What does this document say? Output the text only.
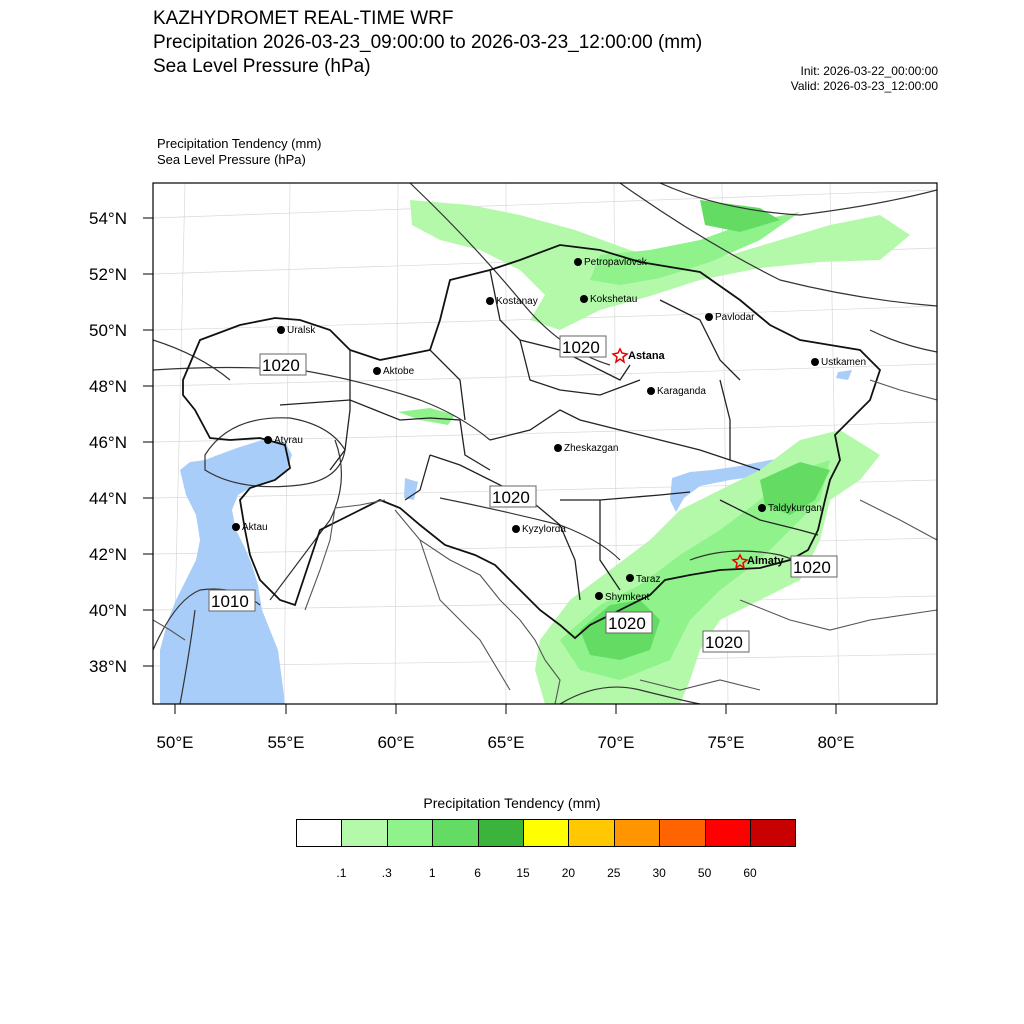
KAZHYDROMET REAL-TIME WRF
Precipitation 2026-03-23_09:00:00 to 2026-03-23_12:00:00 (mm)
Sea Level Pressure (hPa)	Init: 2026-03-22_00:00:00
Valid: 2026-03-23_12:00:00
Precipitation Tendency (mm)
Sea Level Pressure (hPa)
54°N
52°N
50°N
48°N
46°N
44°N
42°N
40°N
38°N
50°E	55°E	60°E	65°E	70°E	75°E	80°E
1020
1020
1020
1020
1010
1020
1020
Petropavlovsk
Kostanay	Kokshetau
Pavlodar
Uralsk
Aktobe
Astana
Karaganda
Ustkamen
Atyrau
Zheskazgan
Aktau	Kyzylorda
Taldykurgan
Almaty
Taraz
Shymkent
Precipitation Tendency (mm)
.1	.3	1	6	15	20	25	30	50	60
